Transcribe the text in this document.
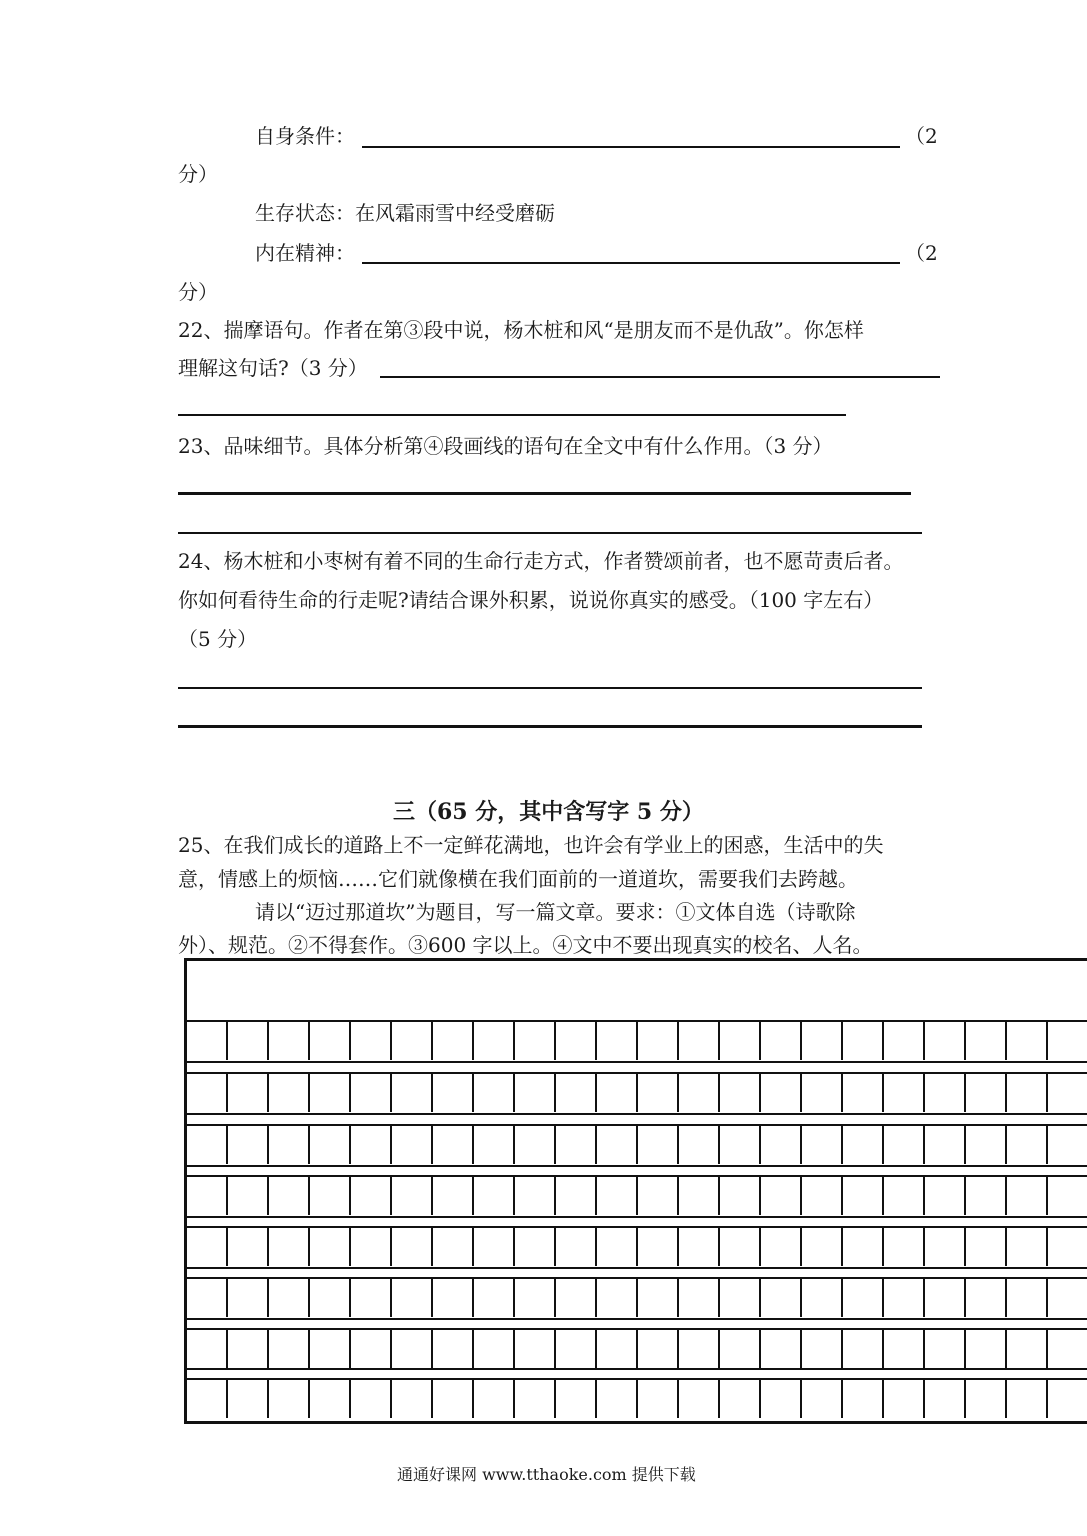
自身条件：	（2
分）
生存状态：在风霜雨雪中经受磨砺
内在精神：	（2
分）
22、揣摩语句。作者在第③段中说，杨木桩和风“是朋友而不是仇敌”。你怎样
理解这句话?（3 分）
23、品味细节。具体分析第④段画线的语句在全文中有什么作用。（3 分）
24、杨木桩和小枣树有着不同的生命行走方式，作者赞颂前者，也不愿苛责后者。
你如何看待生命的行走呢?请结合课外积累，说说你真实的感受。（100 字左右）
（5 分）
三（65 分，其中含写字 5 分）
25、在我们成长的道路上不一定鲜花满地，也许会有学业上的困惑，生活中的失
意，情感上的烦恼……它们就像横在我们面前的一道道坎，需要我们去跨越。
请以“迈过那道坎”为题目，写一篇文章。要求：①文体自选（诗歌除
外）、规范。②不得套作。③600 字以上。④文中不要出现真实的校名、人名。
通通好课网 www.tthaoke.com 提供下载
